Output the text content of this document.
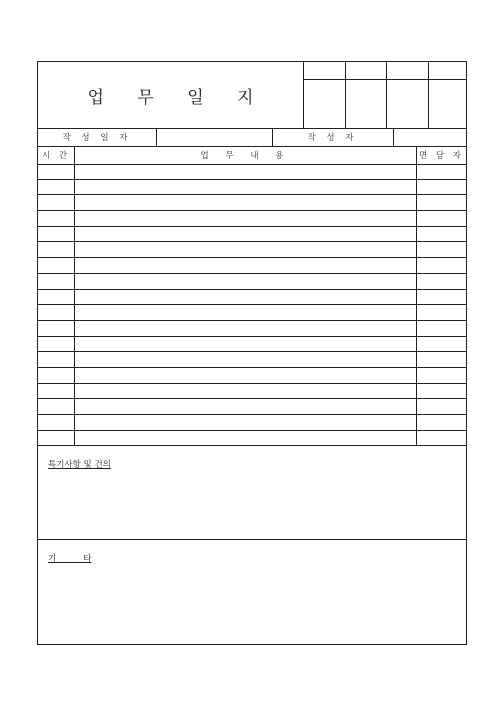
업 무 일 지
작 성 일 자	작 성 자
시 간	업 무 내 용	면 담 자
특기사항 및 건의
기          타
